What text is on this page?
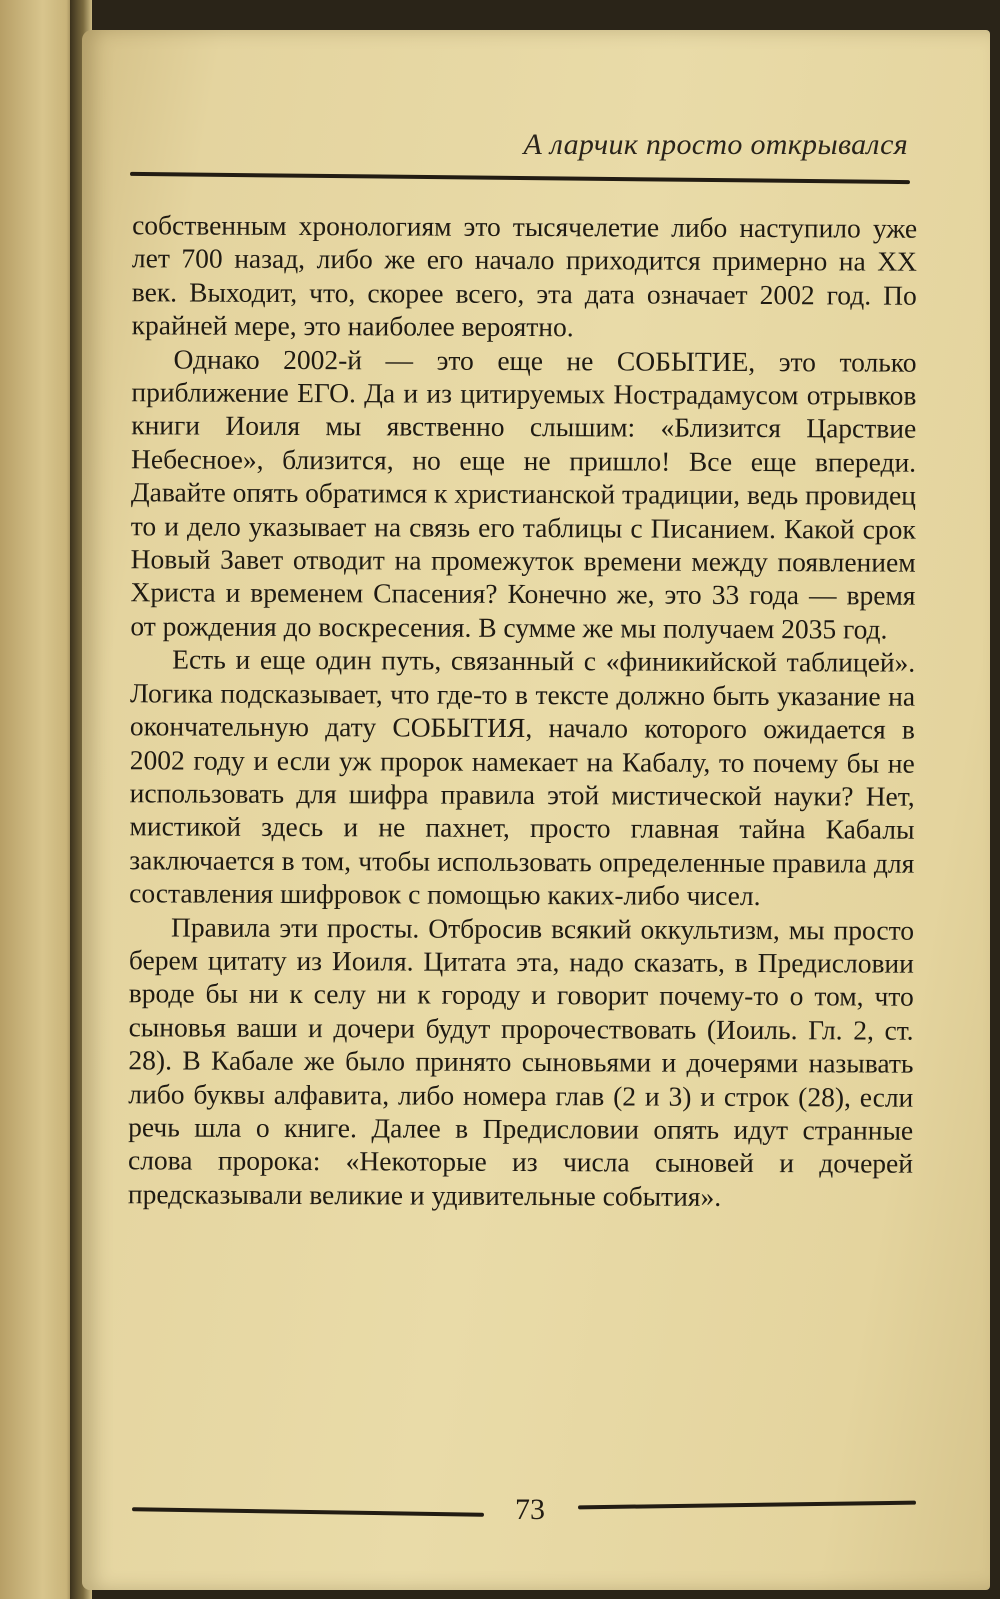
А ларчик просто открывался

собственным хронологиям это тысячелетие либо наступило уже лет 700 назад, либо же его начало приходится примерно на XX век. Выходит, что, скорее всего, эта дата означает 2002 год. По крайней мере, это наиболее вероятно.

Однако 2002-й — это еще не СОБЫТИЕ, это только приближение ЕГО. Да и из цитируемых Нострадамусом отрывков книги Иоиля мы явственно слышим: «Близится Царствие Небесное», близится, но еще не пришло! Все еще впереди. Давайте опять обратимся к христианской традиции, ведь провидец то и дело указывает на связь его таблицы с Писанием. Какой срок Новый Завет отводит на промежуток времени между появлением Христа и временем Спасения? Конечно же, это 33 года — время от рождения до воскресения. В сумме же мы получаем 2035 год.

Есть и еще один путь, связанный с «финикийской таблицей». Логика подсказывает, что где-то в тексте должно быть указание на окончательную дату СОБЫТИЯ, начало которого ожидается в 2002 году и если уж пророк намекает на Кабалу, то почему бы не использовать для шифра правила этой мистической науки? Нет, мистикой здесь и не пахнет, просто главная тайна Кабалы заключается в том, чтобы использовать определенные правила для составления шифровок с помощью каких-либо чисел.

Правила эти просты. Отбросив всякий оккультизм, мы просто берем цитату из Иоиля. Цитата эта, надо сказать, в Предисловии вроде бы ни к селу ни к городу и говорит почему-то о том, что сыновья ваши и дочери будут пророчествовать (Иоиль. Гл. 2, ст. 28). В Кабале же было принято сыновьями и дочерями называть либо буквы алфавита, либо номера глав (2 и 3) и строк (28), если речь шла о книге. Далее в Предисловии опять идут странные слова пророка: «Некоторые из числа сыновей и дочерей предсказывали великие и удивительные события».

73
